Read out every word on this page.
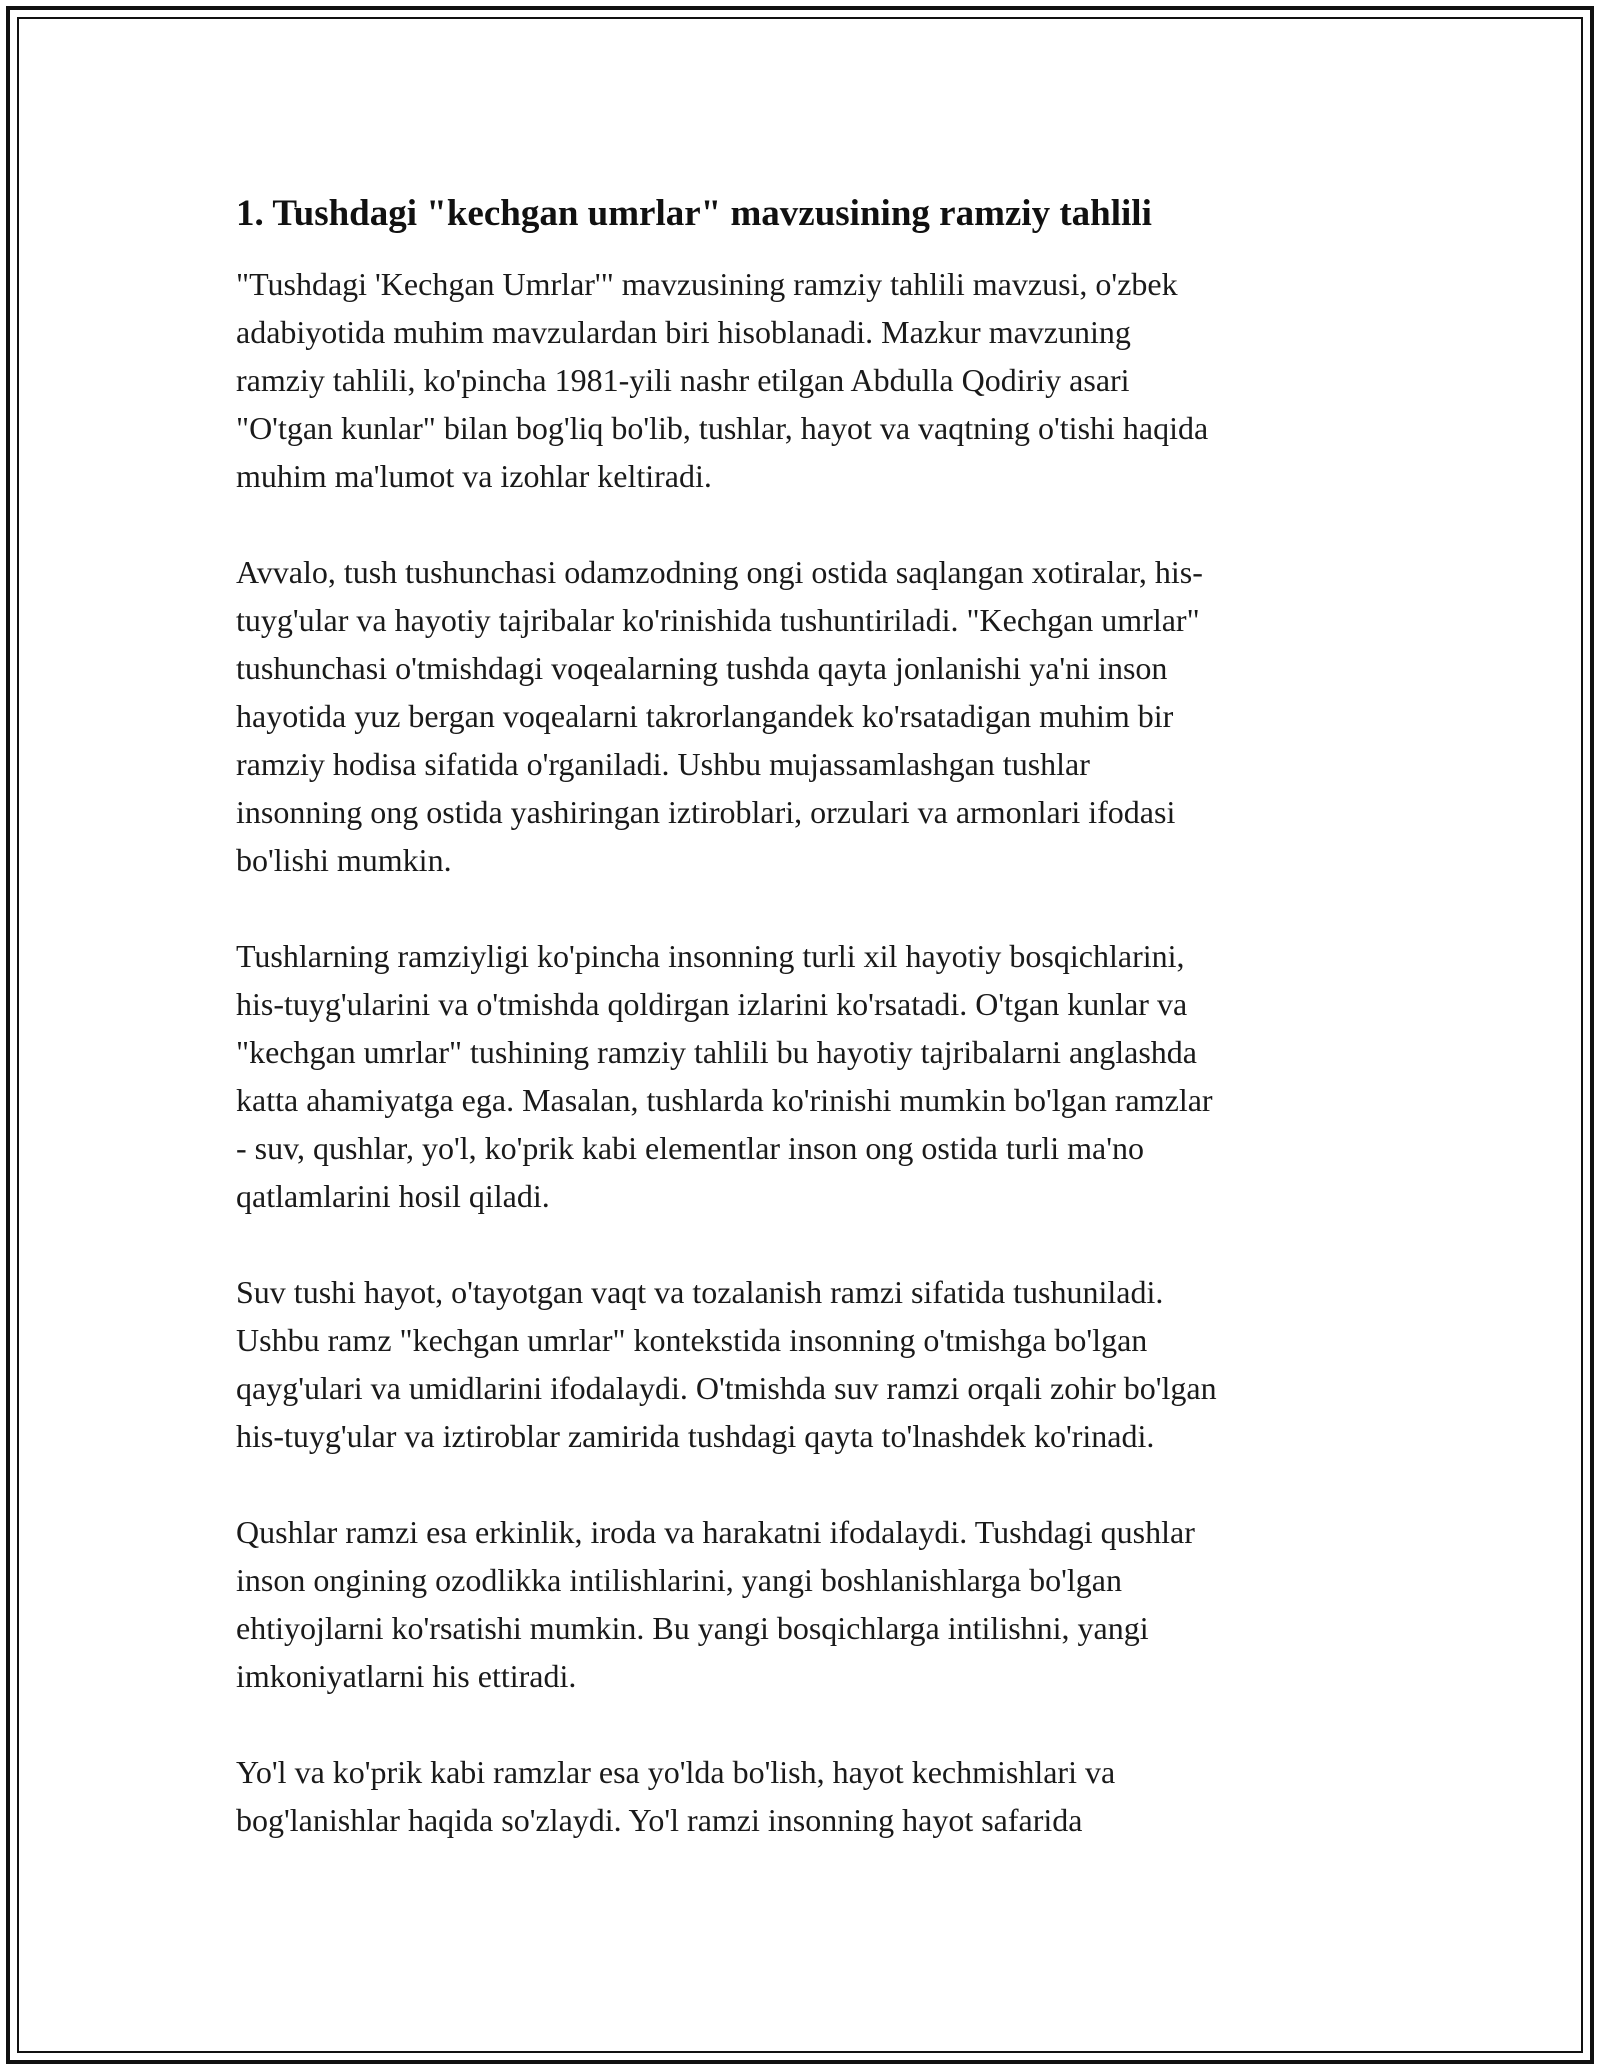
1. Tushdagi "kechgan umrlar" mavzusining ramziy tahlili

"Tushdagi 'Kechgan Umrlar'" mavzusining ramziy tahlili mavzusi, o'zbek
adabiyotida muhim mavzulardan biri hisoblanadi. Mazkur mavzuning
ramziy tahlili, ko'pincha 1981-yili nashr etilgan Abdulla Qodiriy asari
"O'tgan kunlar" bilan bog'liq bo'lib, tushlar, hayot va vaqtning o'tishi haqida
muhim ma'lumot va izohlar keltiradi.

Avvalo, tush tushunchasi odamzodning ongi ostida saqlangan xotiralar, his-
tuyg'ular va hayotiy tajribalar ko'rinishida tushuntiriladi. "Kechgan umrlar"
tushunchasi o'tmishdagi voqealarning tushda qayta jonlanishi ya'ni inson
hayotida yuz bergan voqealarni takrorlangandek ko'rsatadigan muhim bir
ramziy hodisa sifatida o'rganiladi. Ushbu mujassamlashgan tushlar
insonning ong ostida yashiringan iztiroblari, orzulari va armonlari ifodasi
bo'lishi mumkin.

Tushlarning ramziyligi ko'pincha insonning turli xil hayotiy bosqichlarini,
his-tuyg'ularini va o'tmishda qoldirgan izlarini ko'rsatadi. O'tgan kunlar va
"kechgan umrlar" tushining ramziy tahlili bu hayotiy tajribalarni anglashda
katta ahamiyatga ega. Masalan, tushlarda ko'rinishi mumkin bo'lgan ramzlar
- suv, qushlar, yo'l, ko'prik kabi elementlar inson ong ostida turli ma'no
qatlamlarini hosil qiladi.

Suv tushi hayot, o'tayotgan vaqt va tozalanish ramzi sifatida tushuniladi.
Ushbu ramz "kechgan umrlar" kontekstida insonning o'tmishga bo'lgan
qayg'ulari va umidlarini ifodalaydi. O'tmishda suv ramzi orqali zohir bo'lgan
his-tuyg'ular va iztiroblar zamirida tushdagi qayta to'lnashdek ko'rinadi.

Qushlar ramzi esa erkinlik, iroda va harakatni ifodalaydi. Tushdagi qushlar
inson ongining ozodlikka intilishlarini, yangi boshlanishlarga bo'lgan
ehtiyojlarni ko'rsatishi mumkin. Bu yangi bosqichlarga intilishni, yangi
imkoniyatlarni his ettiradi.

Yo'l va ko'prik kabi ramzlar esa yo'lda bo'lish, hayot kechmishlari va
bog'lanishlar haqida so'zlaydi. Yo'l ramzi insonning hayot safarida
